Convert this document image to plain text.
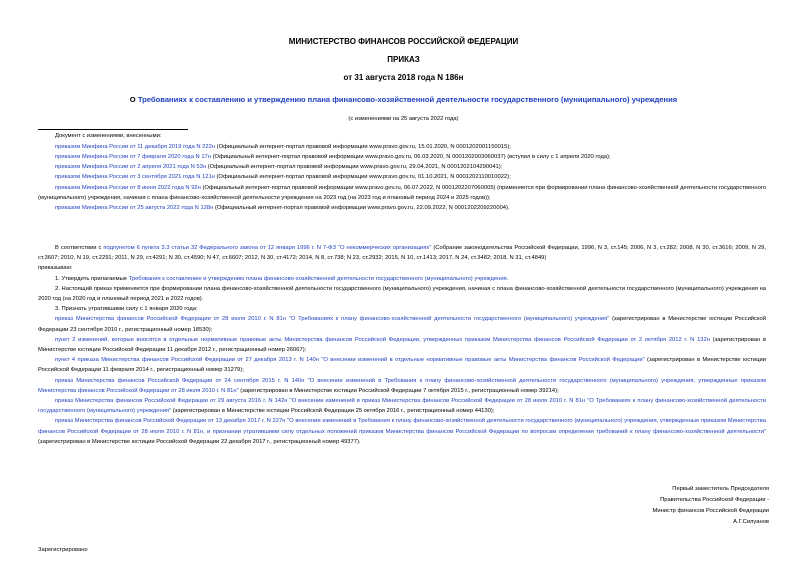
МИНИСТЕРСТВО ФИНАНСОВ РОССИЙСКОЙ ФЕДЕРАЦИИ
ПРИКАЗ
от 31 августа 2018 года N 186н
О Требованиях к составлению и утверждению плана финансово-хозяйственной деятельности государственного (муниципального) учреждения
(с изменениями на 25 августа 2022 года)
Документ с изменениями, внесенными:

приказом Минфина России от 11 декабря 2019 года N 222н (Официальный интернет-портал правовой информации www.pravo.gov.ru, 15.01.2020, N 0001202001150015);

приказом Минфина России от 7 февраля 2020 года N 17н (Официальный интернет-портал правовой информации www.pravo.gov.ru, 06.03.2020, N 0001202003060037) (вступил в силу с 1 апреля 2020 года);

приказом Минфина России от 2 апреля 2021 года N 53н (Официальный интернет-портал правовой информации www.pravo.gov.ru, 29.04.2021, N 0001202104290041);

приказом Минфина России от 3 сентября 2021 года N 121н (Официальный интернет-портал правовой информации www.pravo.gov.ru, 01.10.2021, N 0001202110010022);

приказом Минфина России от 8 июня 2022 года N 92н (Официальный интернет-портал правовой информации www.pravo.gov.ru, 06.07.2022, N 0001202207060005) (применяется при формировании плана финансово-хозяйственной деятельности государственного (муниципального) учреждения, начиная с плана финансово-хозяйственной деятельности учреждения на 2023 год (на 2023 год и плановый период 2024 и 2025 годов));

приказом Минфина России от 25 августа 2022 года N 128н (Официальный интернет-портал правовой информации www.pravo.gov.ru, 22.09.2022, N 0001202209220004).

В соответствии с подпунктом 6 пункта 3.3 статьи 32 Федерального закона от 12 января 1996 г. N 7-ФЗ "О некоммерческих организациях" (Собрание законодательства Российской Федерации, 1996, N 3, ст.145; 2006, N 3, ст.282; 2008, N 30, ст.3616; 2009, N 29, ст.3607; 2010, N 19, ст.2291; 2011, N 29, ст.4291; N 30, ст.4590; N 47, ст.6607; 2012, N 30, ст.4172; 2014, N 8, ст.738; N 23, ст.2932; 2015, N 10, ст.1413; 2017, N 24, ст.3482; 2018, N 31, ст.4849)

приказываю:

1. Утвердить прилагаемые Требования к составлению и утверждению плана финансово-хозяйственной деятельности государственного (муниципального) учреждения.

2. Настоящий приказ применяется при формировании плана финансово-хозяйственной деятельности государственного (муниципального) учреждения, начиная с плана финансово-хозяйственной деятельности государственного (муниципального) учреждения на 2020 год (на 2020 год и плановый период 2021 и 2022 годов).

3. Признать утратившими силу с 1 января 2020 года:

приказ Министерства финансов Российской Федерации от 28 июля 2010 г. N 81н "О Требованиях к плану финансово-хозяйственной деятельности государственного (муниципального) учреждения" (зарегистрирован в Министерстве юстиции Российской Федерации 23 сентября 2010 г., регистрационный номер 18530);

пункт 2 изменений, которые вносятся в отдельные нормативные правовые акты Министерства финансов Российской Федерации, утвержденных приказом Министерства финансов Российской Федерации от 2 октября 2012 г. N 132н (зарегистрирован в Министерстве юстиции Российской Федерации 11 декабря 2012 г., регистрационный номер 26067);

пункт 4 приказа Министерства финансов Российской Федерации от 27 декабря 2013 г. N 140н "О внесении изменений в отдельные нормативные правовые акты Министерства финансов Российской Федерации" (зарегистрирован в Министерстве юстиции Российской Федерации 11 февраля 2014 г., регистрационный номер 31279);

приказ Министерства финансов Российской Федерации от 24 сентября 2015 г. N 140н "О внесении изменений в Требования к плану финансово-хозяйственной деятельности государственного (муниципального) учреждения, утвержденные приказом Министерства финансов Российской Федерации от 28 июля 2010 г. N 81н" (зарегистрирован в Министерстве юстиции Российской Федерации 7 октября 2015 г., регистрационный номер 39214);

приказ Министерства финансов Российской Федерации от 29 августа 2016 г. N 142н "О внесении изменений в приказ Министерства финансов Российской Федерации от 28 июля 2010 г. N 81н "О Требованиях к плану финансово-хозяйственной деятельности государственного (муниципального) учреждения" (зарегистрирован в Министерстве юстиции Российской Федерации 25 октября 2016 г., регистрационный номер 44130);

приказ Министерства финансов Российской Федерации от 13 декабря 2017 г. N 227н "О внесении изменений в Требования к плану финансово-хозяйственной деятельности государственного (муниципального) учреждения, утвержденные приказом Министерства финансов Российской Федерации от 28 июля 2010 г. N 81н, и признании утратившими силу отдельных положений приказов Министерства финансов Российской Федерации по вопросам определения требований к плану финансово-хозяйственной деятельности" (зарегистрирован в Министерстве юстиции Российской Федерации 22 декабря 2017 г., регистрационный номер 49377).

Первый заместитель Председателя
Правительства Российской Федерации -
Министр финансов Российской Федерации
А.Г.Силуанов
Зарегистрировано
